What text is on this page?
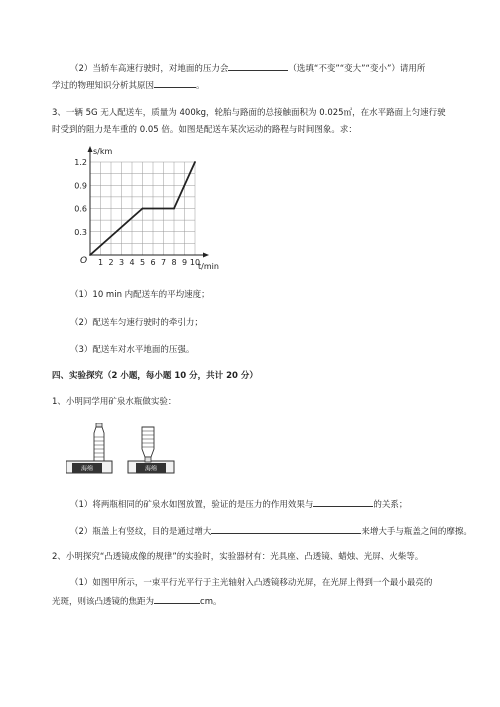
（2）当轿车高速行驶时，对地面的压力会	（选填“不变”“变大”“变小”）请用所
学过的物理知识分析其原因	。
3、一辆 5G 无人配送车，质量为 400kg，轮胎与路面的总接触面积为 0.025㎡，在水平路面上匀速行驶
时受到的阻力是车重的 0.05 倍。如图是配送车某次运动的路程与时间图象。求：
1 2 3 4 5 6 7 8 9 10
0.3
0.6
0.9
1.2
O
s/km
t/min
（1）10 min 内配送车的平均速度；
（2）配送车匀速行驶时的牵引力；
（3）配送车对水平地面的压强。
四、实验探究（2 小题，每小题 10 分，共计 20 分）
1、小明同学用矿泉水瓶做实验：
海绵	海绵
（1）将两瓶相同的矿泉水如图放置，验证的是压力的作用效果与	的关系；
（2）瓶盖上有竖纹，目的是通过增大	来增大手与瓶盖之间的摩擦。
2、小明探究“凸透镜成像的规律”的实验时，实验器材有：光具座、凸透镜、蜡烛、光屏、火柴等。
（1）如图甲所示，一束平行光平行于主光轴射入凸透镜移动光屏，在光屏上得到一个最小最亮的
光斑，则该凸透镜的焦距为	cm。
